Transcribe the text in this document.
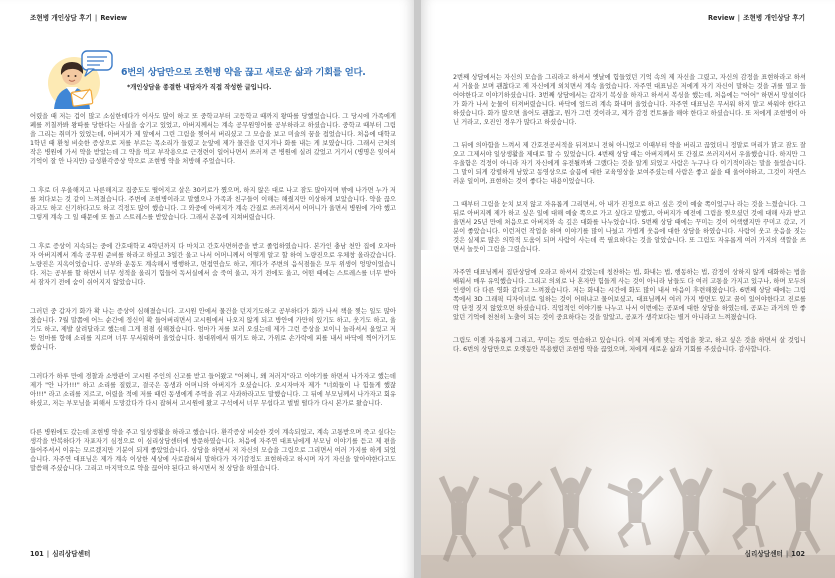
조현병 개인상담 후기 | Review
6번의 상담만으로 조현병 약을 끊고 새로운 삶과 기회를 얻다.
*개인상담을 종결한 내담자가 직접 작성한 글입니다.

어렸을 때 저는 겁이 많고 소심한데다가 이사도 많이 하고 또 중학교부터 고등학교 때까지 왕따를 당했었습니다. 그 당시에 가족에게 폐를 끼칠까봐 왕따를 당한다는 사실을 숨기고 있었고, 아버지께서는 계속 공무원영어를 공부하라고 하셨습니다. 중학교 때부터 그림을 그리는 취미가 있었는데, 아버지가 제 앞에서 그린 그림을 찢어서 버리셨고 그 모습을 보고 미술의 꿈을 접었습니다. 처음에 대학교 1학년 때 환청 비슷한 증상으로 저를 부르는 목소리가 들렸고 눈앞에 제가 물건을 던지거나 화를 내는 게 보였습니다. 그래서 근처의 작은 병원에 가서 약을 받았는데 그 약을 먹고 부작용으로 근경련이 일어나면서 쓰러져 큰 병원에 실려 갔었고 거기서 (병명은 잊어서 기억이 잘 안 나지만) 급성환각증상 약으로 조현병 약을 처방해 주었습니다.

그 후로 더 우울해지고 나른해지고 집중도도 떨어지고 살은 30키로가 쪘으며, 하지 않은 대로 나고 잠도 많아지며 밖에 나가면 누가 저를 쳐다보는 것 같이 느껴졌습니다. 주변에 조현병이라고 말했으나 가족과 친구들이 이해는 해줬지만 이상하게 보았습니다. 약을 끊으라고도 하고 신기하다고도 하고 걱정도 많이 했습니다. 그 와중에 아버지가 계속 간질로 쓰러지셔서 어머니가 울면서 병원에 가야 했고 그렇게 계속 그 일 때문에 또 돌고 스트레스를 받았습니다. 그래서 온몸에 지쳐버렸습니다.

그 후로 증상이 지속되는 중에 간호대학교 4학년까지 다 마치고 간호사면허증을 받고 졸업하였습니다. 본가인 충남 천안 집에 오자마자 아버지께서 계속 공무원 준비를 하라고 하셨고 3일간 울고 나서 어머니께서 어떻게 알고 할 하여 노량진으로 우체창 올라갔습니다. 노량진은 지옥이었습니다. 공부와 운동도 계속해서 병행하고, 면접연습도 하고, 게다가 주변의 음식점들은 모두 위생이 엉망이었습니다. 저는 공부를 할 하면서 너무 성적을 올리기 힘들어 독서실에서 숨 죽여 울고, 자기 전에도 울고, 어떤 때에는 스트레스를 너무 받아서 잠자기 전에 숨이 쉬어지지 않았습니다.

그러던 중 갑자기 화가 확 나는 증상이 심해졌습니다. 고시원 안에서 물건을 던지기도하고 공부하다가 화가 나서 책을 찢는 일도 많아졌습니다. 7월 말쯤에 어느 순간에 정신이 확 들어버리면서 고시원에서 나오지 않게 되고 방안에 가만히 있기도 하고, 웃기도 하고, 울기도 하고, 제발 살려달라고 했는데 그게 점점 심해졌습니다. 엄마가 저를 보러 오셨는데 제가 그런 증상을 보이니 놀라셔서 울었고 저는 엄마를 향해 소리를 지르며 너무 무서워하며 울었습니다. 침대위에서 뛰기도 하고, 가위로 손가락에 피를 내서 바닥에 찍어가기도 했습니다.

그러다가 하루 만에 경찰과 소방관이 고시원 주인의 신고를 받고 들어왔고 "어쩌니, 왜 저러지"라고 이야기를 하면서 나가자고 했는데 제가 "안 나가!!!" 하고 소리를 질렀고, 결국은 동생과 어머니와 아버지가 오셨습니다. 오시자마자 제가 "너희들이 나 힘들게 했잖아!!!" 라고 소리를 지르고, 어렸을 적에 저를 때린 동생에게 주먹을 쥐고 사과하라고도 말했습니다. 그 뒤에 부모님께서 나가자고 회유하셨고, 저는 부모님을 피해서 도망갔다가 다시 잡혀서 고시원에 왔고 구석에서 너무 무섭다고 벌벌 떨다가 다시 본가로 왔습니다.

다른 병원에도 갔는데 조현병 약을 주고 일상생활을 하라고 했습니다. 환각증상 비슷한 것이 계속되었고, 계속 고통받으며 죽고 싶다는 생각을 반복하다가 자포자기 심정으로 이 심리상담센터에 방문하였습니다. 처음에 자주연 대표님에게 부모님 이야기를 듣고 제 편을 들어주셔서 이유는 모르겠지만 기분이 되게 좋았었습니다. 상담을 하면서 저 자신의 모습을 그림으로 그리면서 여러 가지를 하게 되었습니다. 자주연 대표님은 제가 계속 이상한 세상에 사로잡혀서 말하다가 자기감정도 표현하라고 하시며 자기 자신을 알아야한다고도 말씀해 주셨습니다. 그리고 마지막으로 약을 끊어야 된다고 하시면서 첫 상담을 하였습니다.

101 | 심리상담센터
Review | 조현병 개인상담 후기

2번째 상담에서는 자신의 모습을 그리라고 하셔서 옛날에 힘들었던 기억 속의 제 자신을 그렸고, 자신의 감정을 표현하라고 하셔서 거울을 보며 괜찮다고 제 자신에게 외치면서 계속 울었습니다. 자주연 대표님은 저에게 자기 자신이 말하는 것을 귀를 열고 들어야한다고 이야기하셨습니다. 3번째 상담에서는 갑자기 복싱을 하자고 하셔서 복싱을 했는데, 처음에는 "어어" 하면서 망설이다가 화가 나서 눈물이 터져버렸습니다. 바닥에 엎드려 계속 화내며 울었습니다. 자주연 대표님은 무서워 하지 말고 싸워야 한다고 하셨습니다. 화가 많으면 울어도 괜찮고, 뭔가 그런 것이라고, 제가 감정 컨트롤을 해야 한다고 하셨습니다. 또 저에게 조현병이 아닌 거라고, 오진인 경우가 많다고 하셨습니다.

그 뒤에 의아함을 느껴서 제 간호전공서적을 뒤져보니 전혀 아니었고 이때부터 약을 버리고 끊었더니 정말로 머리가 맑고 잠도 잘 오고 그제서야 일상생활을 제대로 할 수 있었습니다. 4번째 상담 때는 아버지께서 또 간질로 쓰러지셔서 우울했습니다. 하지만 그 우울함은 걱정이 아니라 자기 자신에게 유전될까봐 그랬다는 것을 알게 되었고 사람은 누구나 다 이기적이라는 말을 들었습니다. 그 말이 되게 강렬하게 남았고 동영상으로 슬픔에 대한 교육영상을 보여주셨는데 사람은 좋고 싫을 때 울어야하고, 그것이 자연스러운 일이며, 표현하는 것이 좋다는 내용이었습니다.

그 때부터 그림을 눈치 보지 않고 자유롭게 그리면서, 아 내가 진정으로 하고 싶은 것이 예술 쪽이었구나 라는 것을 느꼈습니다. 그 뒤로 아버지께 제가 하고 싶은 일에 대해 예술 쪽으로 가고 싶다고 말했고, 아버지가 예전에 그림을 찢으셨던 것에 대해 사과 받고 울면서 25년 만에 처음으로 아버지와 속 깊은 대화를 나누었습니다. 5번째 상담 때에는 꾸미는 것이 어색했지만 꾸미고 갔고, 기분이 좋았습니다. 이런저런 작업을 하며 이야기를 많이 나눴고 가볍게 웃음에 대한 상담을 하였습니다. 사람이 웃고 웃음을 짓는 것은 실제로 많은 의학적 도움이 되며 사람이 사는데 꼭 필요하다는 것을 알았습니다. 또 그림도 자유롭게 여러 가지의 색깔을 쓰면서 놀듯이 그림을 그렸습니다.

자주연 대표님께서 집단상담에 오라고 하셔서 갔었는데 칭찬하는 법, 화내는 법, 행동하는 법, 감정이 상하지 않게 대화하는 법을 배워서 매우 유익했습니다. 그리고 의외로 나 혼자만 힘들게 사는 것이 아니라 남들도 다 여러 고통을 가지고 있구나, 하며 모두의 인생이 다 다른 영화 같다고 느껴졌습니다. 저는 화내는 시간에 화도 많이 내서 마음이 후련해졌습니다. 6번째 상담 때에는 그림 쪽에서 3D 그래픽 디자이너로 일하는 것이 어떠냐고 물어보셨고, 대표님께서 여러 가지 방면도 있고 꿈이 있어야한다고 진로를 딱 단정 짓지 않았으면 하셨습니다. 직업적인 이야기를 나누고 나서 이번에는 공포에 대한 상담을 하였는데, 공포는 과거의 안 좋았던 기억에 천천히 노출이 되는 것이 중요하다는 것을 알았고, 공포가 생각보다는 별거 아니라고 느껴졌습니다.

그림도 이젠 자유롭게 그리고, 꾸미는 것도 연습하고 있습니다. 이제 저에게 맞는 직업을 찾고, 하고 싶은 것을 하면서 살 것입니다. 6번의 상담만으로 오랫동안 복용했던 조현병 약을 끊었으며, 저에게 새로운 삶과 기회를 주셨습니다. 감사합니다.

심리상담센터 | 102
